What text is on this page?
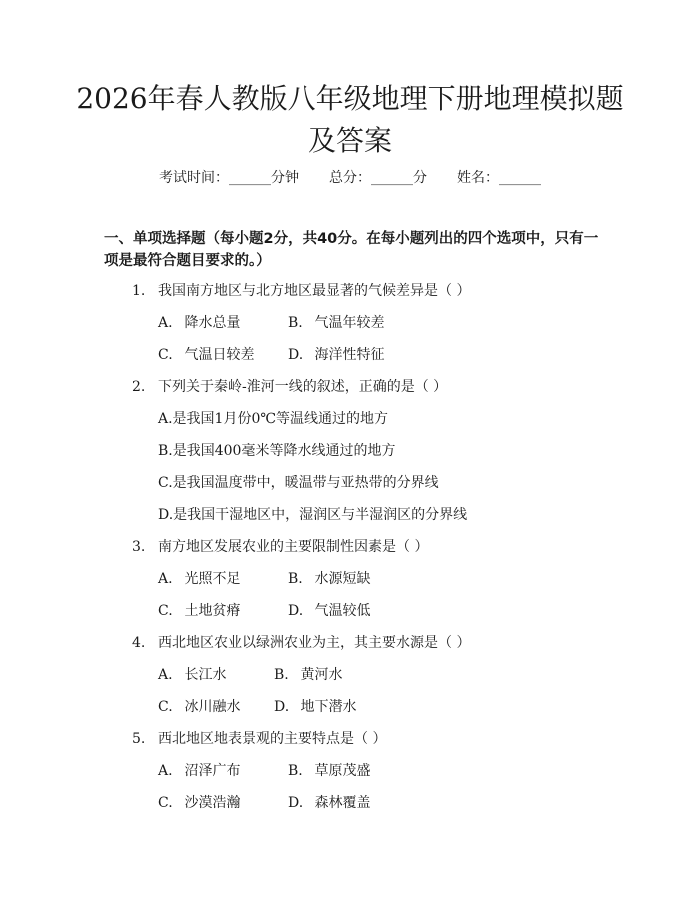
2026年春人教版八年级地理下册地理模拟题
及答案
考试时间：______分钟 总分：______分 姓名：______

一、单项选择题（每小题2分，共40分。在每小题列出的四个选项中，只有一项是最符合题目要求的。）

1. 我国南方地区与北方地区最显著的气候差异是（ ）
A. 降水总量	B. 气温年较差
C. 气温日较差 D. 海洋性特征
2. 下列关于秦岭-淮河一线的叙述，正确的是（ ）
A.是我国1月份0℃等温线通过的地方
B.是我国400毫米等降水线通过的地方
C.是我国温度带中，暖温带与亚热带的分界线
D.是我国干湿地区中，湿润区与半湿润区的分界线
3. 南方地区发展农业的主要限制性因素是（ ）
A. 光照不足	B. 水源短缺
C. 土地贫瘠	D. 气温较低
4. 西北地区农业以绿洲农业为主，其主要水源是（ ）
A. 长江水	B. 黄河水
C. 冰川融水 D. 地下潜水
5. 西北地区地表景观的主要特点是（ ）
A. 沼泽广布	B. 草原茂盛
C. 沙漠浩瀚	D. 森林覆盖
